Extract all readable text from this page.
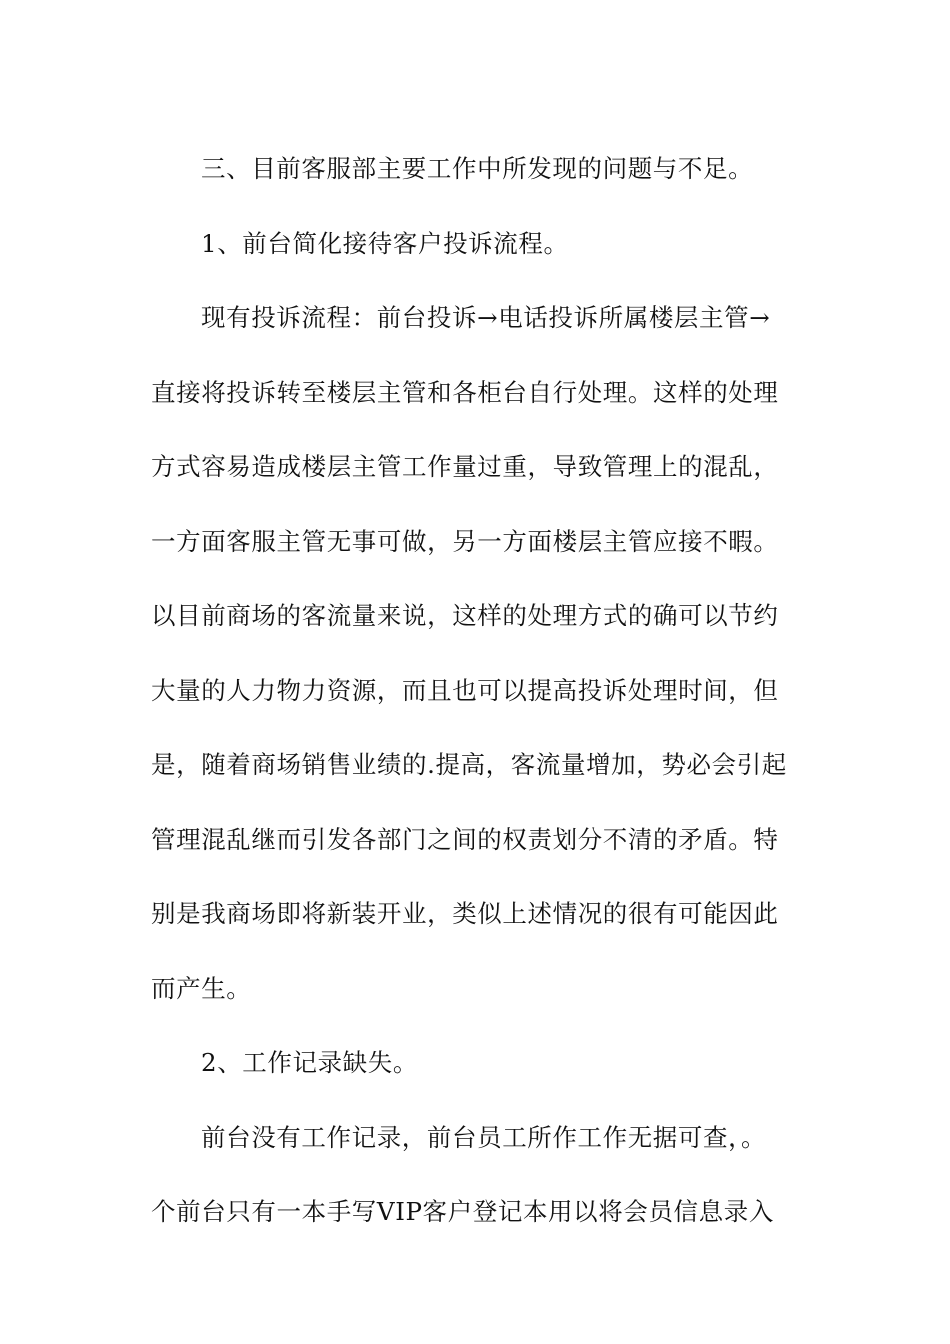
三、目前客服部主要工作中所发现的问题与不足。
1、前台简化接待客户投诉流程。
现有投诉流程：前台投诉→电话投诉所属楼层主管→
直接将投诉转至楼层主管和各柜台自行处理。这样的处理
方式容易造成楼层主管工作量过重，导致管理上的混乱，
一方面客服主管无事可做，另一方面楼层主管应接不暇。
以目前商场的客流量来说，这样的处理方式的确可以节约
大量的人力物力资源，而且也可以提高投诉处理时间，但
是，随着商场销售业绩的.提高，客流量增加，势必会引起
管理混乱继而引发各部门之间的权责划分不清的矛盾。特
别是我商场即将新装开业，类似上述情况的很有可能因此
而产生。
2、工作记录缺失。
前台没有工作记录，前台员工所作工作无据可查，。
个前台只有一本手写VIP客户登记本用以将会员信息录入
